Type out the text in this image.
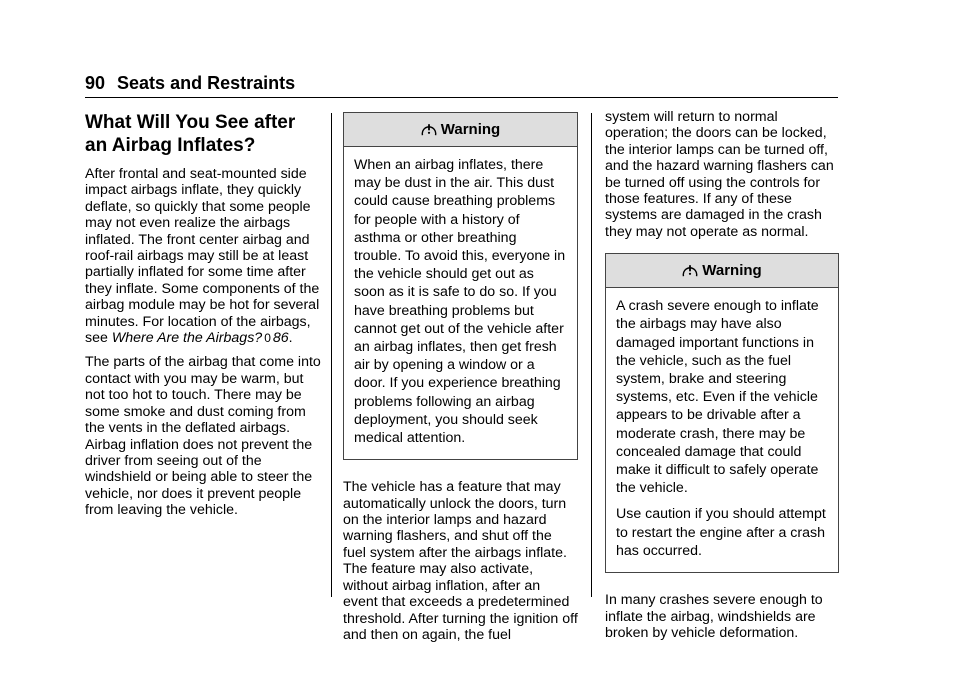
90 Seats and Restraints
What Will You See after
an Airbag Inflates?

After frontal and seat-mounted side impact airbags inflate, they quickly deflate, so quickly that some people may not even realize the airbags inflated. The front center airbag and roof-rail airbags may still be at least partially inflated for some time after they inflate. Some components of the airbag module may be hot for several minutes. For location of the airbags, see Where Are the Airbags? 0 86.

The parts of the airbag that come into contact with you may be warm, but not too hot to touch. There may be some smoke and dust coming from the vents in the deflated airbags. Airbag inflation does not prevent the driver from seeing out of the windshield or being able to steer the vehicle, nor does it prevent people from leaving the vehicle.

Warning

When an airbag inflates, there may be dust in the air. This dust could cause breathing problems for people with a history of asthma or other breathing trouble. To avoid this, everyone in the vehicle should get out as soon as it is safe to do so. If you have breathing problems but cannot get out of the vehicle after an airbag inflates, then get fresh air by opening a window or a door. If you experience breathing problems following an airbag deployment, you should seek medical attention.

The vehicle has a feature that may automatically unlock the doors, turn on the interior lamps and hazard warning flashers, and shut off the fuel system after the airbags inflate. The feature may also activate, without airbag inflation, after an event that exceeds a predetermined threshold. After turning the ignition off and then on again, the fuel

system will return to normal operation; the doors can be locked, the interior lamps can be turned off, and the hazard warning flashers can be turned off using the controls for those features. If any of these systems are damaged in the crash they may not operate as normal.

Warning

A crash severe enough to inflate the airbags may have also damaged important functions in the vehicle, such as the fuel system, brake and steering systems, etc. Even if the vehicle appears to be drivable after a moderate crash, there may be concealed damage that could make it difficult to safely operate the vehicle.

Use caution if you should attempt to restart the engine after a crash has occurred.

In many crashes severe enough to inflate the airbag, windshields are broken by vehicle deformation.
